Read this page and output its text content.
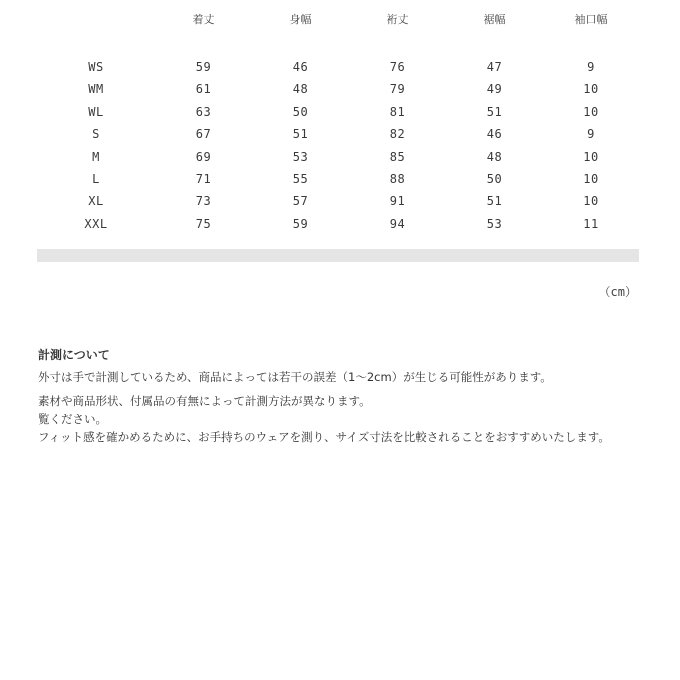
	着丈	身幅	裄丈	裾幅	袖口幅

WS	59	46	76	47	9
WM	61	48	79	49	10
WL	63	50	81	51	10
S	67	51	82	46	9
M	69	53	85	48	10
L	71	55	88	50	10
XL	73	57	91	51	10
XXL	75	59	94	53	11
（cm）
計測について

外寸は手で計測しているため、商品によっては若干の誤差（1〜2cm）が生じる可能性があります。

素材や商品形状、付属品の有無によって計測方法が異なります。

覧ください。

フィット感を確かめるために、お手持ちのウェアを測り、サイズ寸法を比較されることをおすすめいたします。
